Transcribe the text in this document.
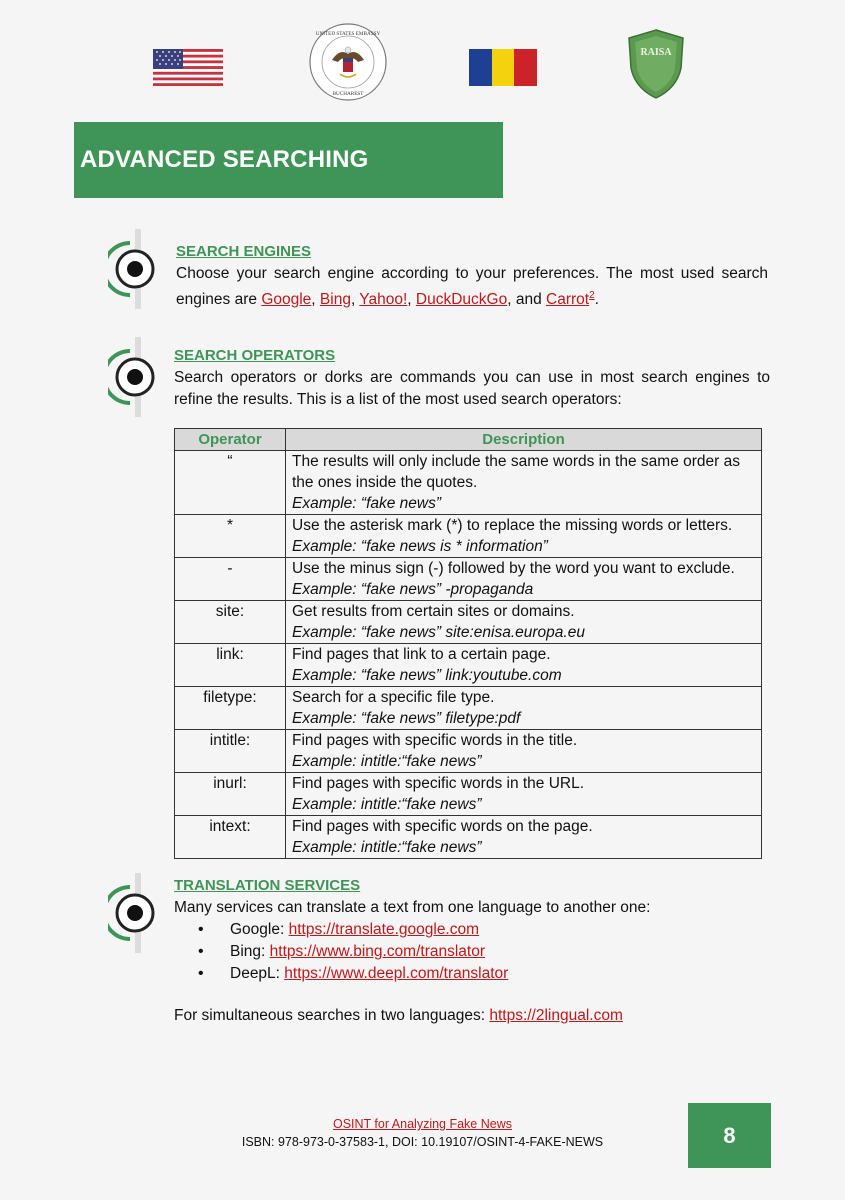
UNITED STATES EMBASSY
BUCHAREST
RAISA
ADVANCED SEARCHING
SEARCH ENGINES
Choose your search engine according to your preferences. The most used search engines are Google, Bing, Yahoo!, DuckDuckGo, and Carrot$^2$.
SEARCH OPERATORS
Search operators or dorks are commands you can use in most search engines to refine the results. This is a list of the most used search operators:
Operator	Description
“	The results will only include the same words in the same order as the ones inside the quotes.
Example: “fake news”

*	Use the asterisk mark (*) to replace the missing words or letters.
Example: “fake news is * information”

-	Use the minus sign (-) followed by the word you want to exclude.
Example: “fake news” -propaganda

site:	Get results from certain sites or domains.
Example: “fake news” site:enisa.europa.eu

link:	Find pages that link to a certain page.
Example: “fake news” link:youtube.com

filetype:	Search for a specific file type.
Example: “fake news” filetype:pdf

intitle:	Find pages with specific words in the title.
Example: intitle:“fake news”

inurl:	Find pages with specific words in the URL.
Example: intitle:“fake news”

intext:	Find pages with specific words on the page.
Example: intitle:“fake news”
TRANSLATION SERVICES
Many services can translate a text from one language to another one:
• Google: https://translate.google.com
• Bing: https://www.bing.com/translator
• DeepL: https://www.deepl.com/translator
For simultaneous searches in two languages: https://2lingual.com
OSINT for Analyzing Fake News
ISBN: 978-973-0-37583-1, DOI: 10.19107/OSINT-4-FAKE-NEWS	8
